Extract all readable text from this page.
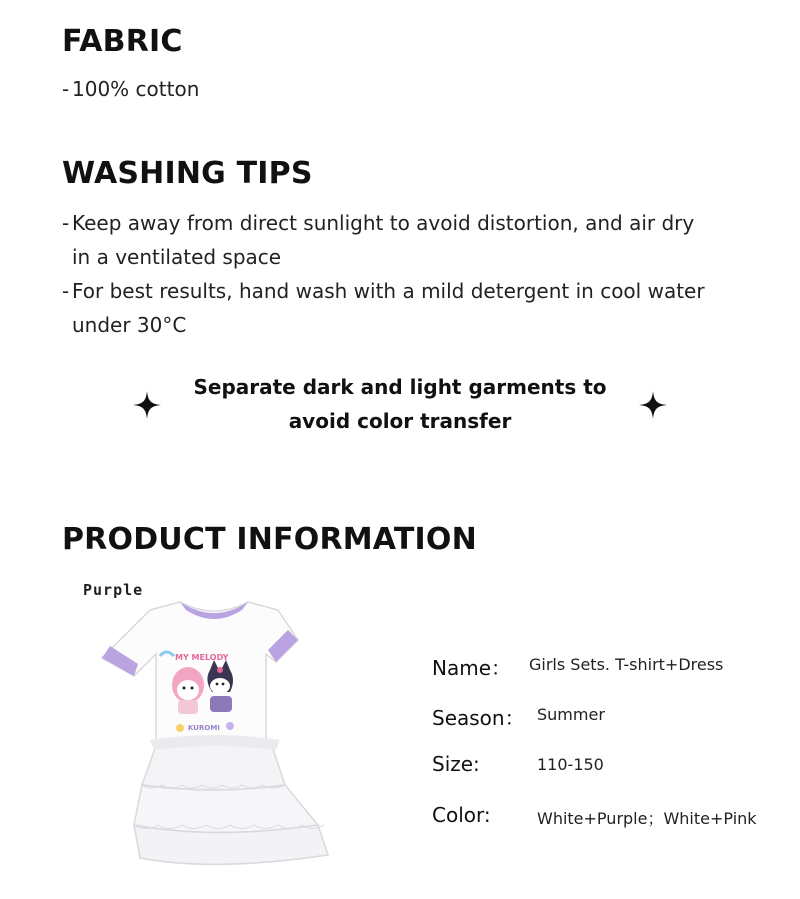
FABRIC
- 100% cotton
WASHING TIPS
- Keep away from direct sunlight to avoid distortion, and air dry
in a ventilated space
- For best results, hand wash with a mild detergent in cool water
under 30°C
Separate dark and light garments to
avoid color transfer
PRODUCT INFORMATION
Purple
MY MELODY
KUROMI
Name： Girls Sets. T-shirt+Dress
Season： Summer
Size:	110-150
Color:	White+Purple；White+Pink
